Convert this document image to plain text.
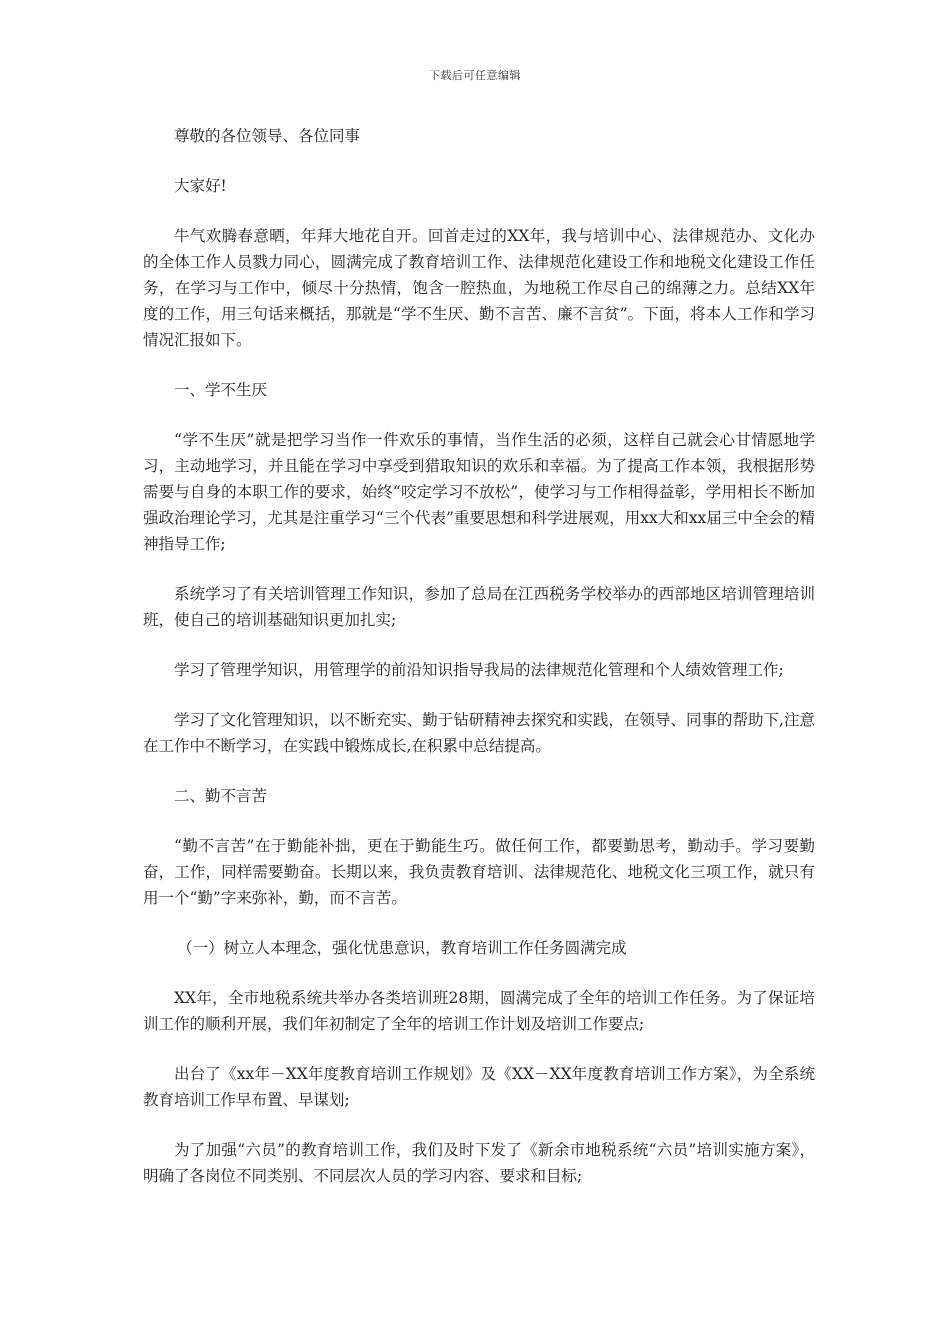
下载后可任意编辑

尊敬的各位领导、各位同事

大家好!

牛气欢腾春意晒，年拜大地花自开。回首走过的XX年，我与培训中心、法律规范办、文化办的全体工作人员戮力同心，圆满完成了教育培训工作、法律规范化建设工作和地税文化建设工作任务，在学习与工作中，倾尽十分热情，饱含一腔热血，为地税工作尽自己的绵薄之力。总结XX年度的工作，用三句话来概括，那就是“学不生厌、勤不言苦、廉不言贫”。下面，将本人工作和学习情况汇报如下。

一、学不生厌

“学不生厌”就是把学习当作一件欢乐的事情，当作生活的必须，这样自己就会心甘情愿地学习，主动地学习，并且能在学习中享受到猎取知识的欢乐和幸福。为了提高工作本领，我根据形势需要与自身的本职工作的要求，始终“咬定学习不放松”，使学习与工作相得益彰，学用相长不断加强政治理论学习，尤其是注重学习“三个代表”重要思想和科学进展观，用xx大和xx届三中全会的精神指导工作;

系统学习了有关培训管理工作知识，参加了总局在江西税务学校举办的西部地区培训管理培训班，使自己的培训基础知识更加扎实;

学习了管理学知识，用管理学的前沿知识指导我局的法律规范化管理和个人绩效管理工作;

学习了文化管理知识，以不断充实、勤于钻研精神去探究和实践，在领导、同事的帮助下,注意在工作中不断学习，在实践中锻炼成长,在积累中总结提高。

二、勤不言苦

“勤不言苦”在于勤能补拙，更在于勤能生巧。做任何工作，都要勤思考，勤动手。学习要勤奋，工作，同样需要勤奋。长期以来，我负责教育培训、法律规范化、地税文化三项工作，就只有用一个“勤”字来弥补，勤，而不言苦。

（一）树立人本理念，强化忧患意识，教育培训工作任务圆满完成

XX年，全市地税系统共举办各类培训班28期，圆满完成了全年的培训工作任务。为了保证培训工作的顺利开展，我们年初制定了全年的培训工作计划及培训工作要点;

出台了《xx年－XX年度教育培训工作规划》及《XX－XX年度教育培训工作方案》，为全系统教育培训工作早布置、早谋划;

为了加强“六员”的教育培训工作，我们及时下发了《新余市地税系统“六员”培训实施方案》，明确了各岗位不同类别、不同层次人员的学习内容、要求和目标;
